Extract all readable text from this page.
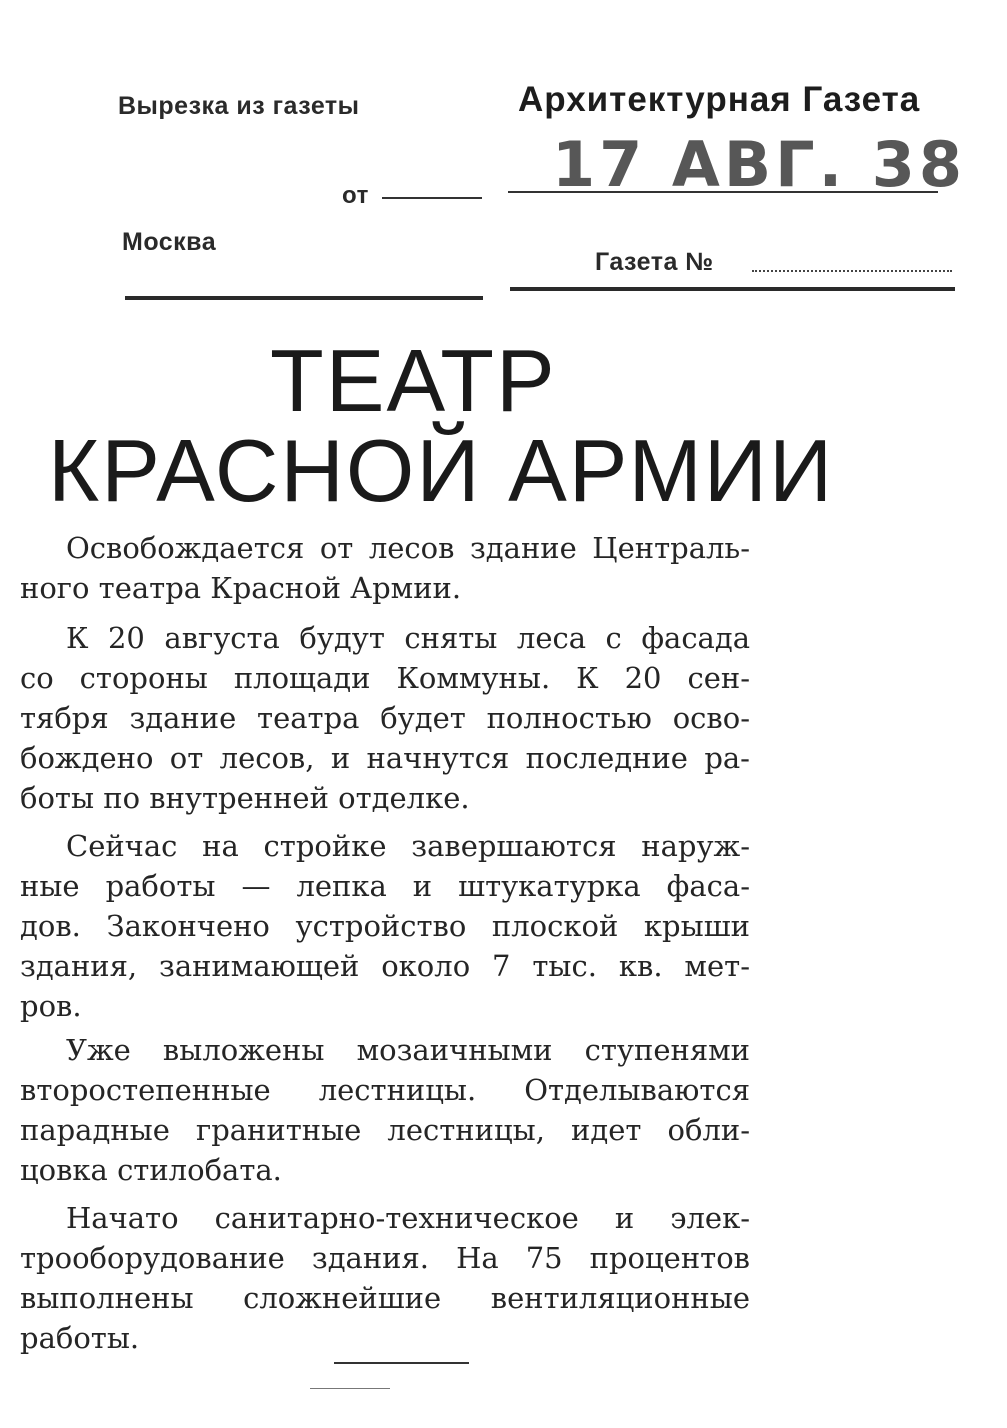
Вырезка из газеты
от
Москва
Архитектурная Газета
17 АВГ. 38
Газета №
ТЕАТР
КРАСНОЙ АРМИИ
Освобождается от лесов здание Централь-
ного театра Красной Армии.
К 20 августа будут сняты леса с фасада
со стороны площади Коммуны. К 20 сен-
тября здание театра будет полностью осво-
бождено от лесов, и начнутся последние ра-
боты по внутренней отделке.
Сейчас на стройке завершаются наруж-
ные работы — лепка и штукатурка фаса-
дов. Закончено устройство плоской крыши
здания, занимающей около 7 тыс. кв. мет-
ров.
Уже выложены мозаичными ступенями
второстепенные лестницы. Отделываются
парадные гранитные лестницы, идет обли-
цовка стилобата.
Начато санитарно-техническое и элек-
трооборудование здания. На 75 процентов
выполнены сложнейшие вентиляционные
работы.
